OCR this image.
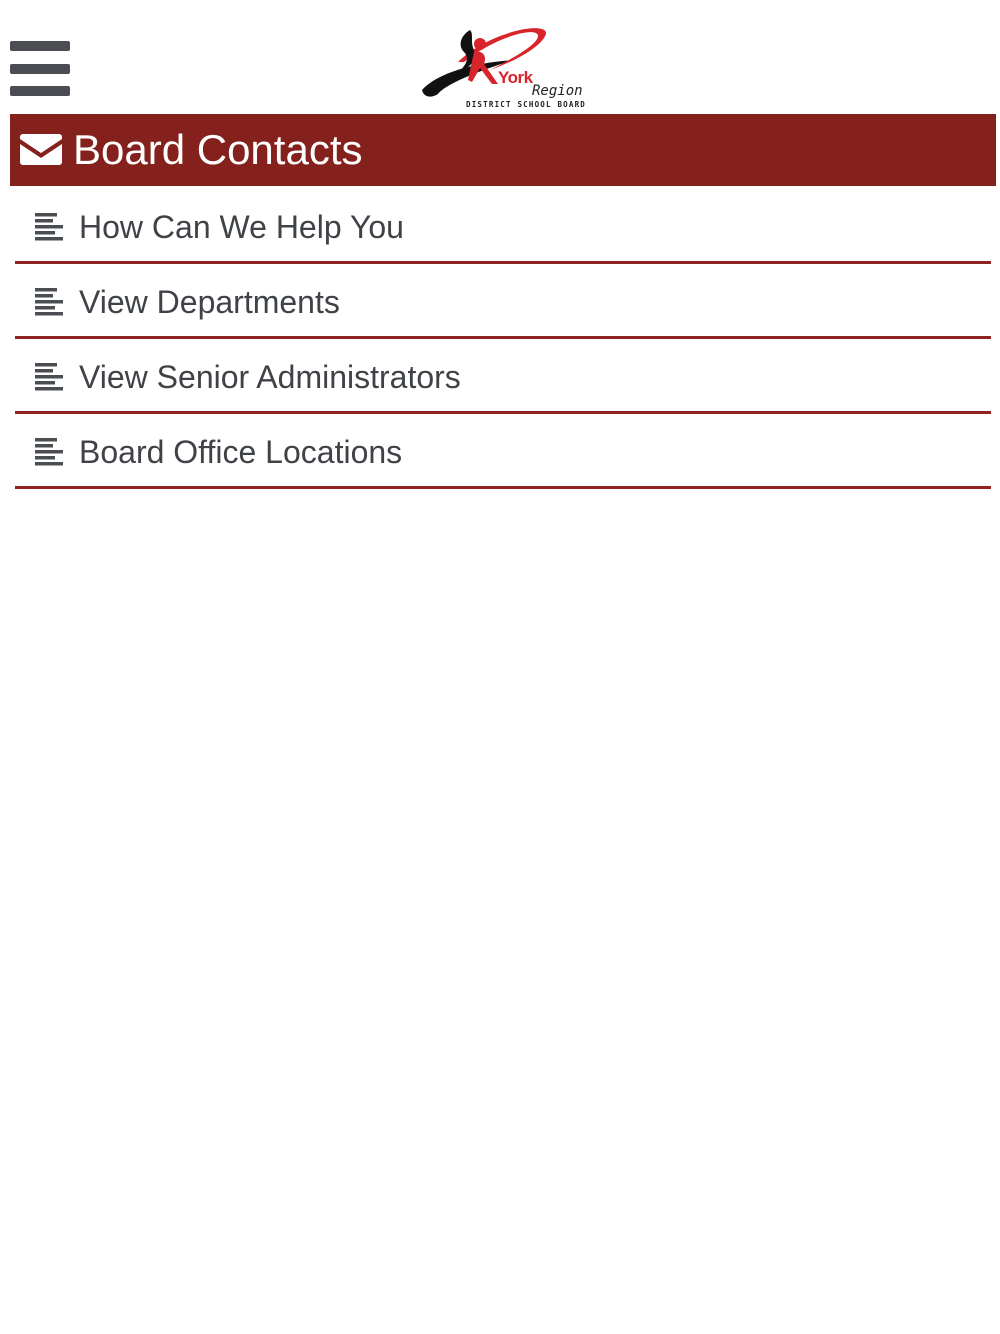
York
Region
DISTRICT SCHOOL BOARD
Board Contacts
How Can We Help You
View Departments
View Senior Administrators
Board Office Locations
